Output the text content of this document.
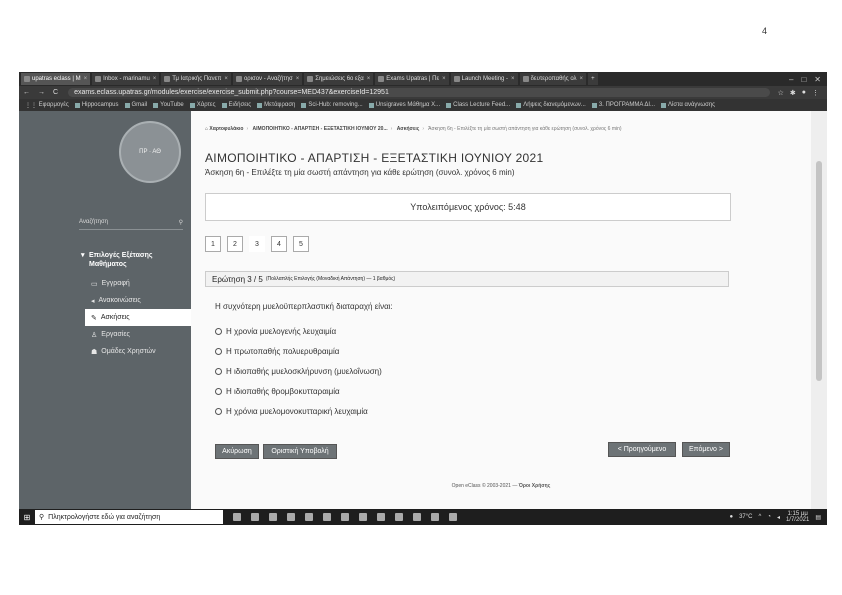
4
upatras eclass | M ×	Inbox - marinamu ×	Τμ Ιατρικής Πανεπ ×	ορισον - Αναζήτησ ×	Σημειώσεις 6ο εξα ×	Exams Upatras | Πε ×	Launch Meeting - ×	δευτεροπαθής ολ × +	– □ ✕
←	→	C	exams.eclass.upatras.gr/modules/exercise/exercise_submit.php?course=MED437&exerciseId=12951	☆ ✱ ● ⋮
⋮⋮
Εφαρμογές Hippocampus Gmail YouTube Χάρτες Ειδήσεις Μετάφραση Sci-Hub: removing... Unsigraves Μάθημα Χ... Class Lecture Feed... Λήψεις διανεμόμενων... 3. ΠΡΟΓΡΑΜΜΑ ΔΙ... Λίστα ανάγνωσης
ΠΡ · ΑΘ
Αναζήτηση	⚲
▾ Επιλογές Εξέτασης Μαθήματος
▭ Εγγραφή
◂ Ανακοινώσεις
✎ Ασκήσεις
♙ Εργασίες
☗ Ομάδες Χρηστών
⌂ Χαρτοφυλάκιο › ΑΙΜΟΠΟΙΗΤΙΚΟ - ΑΠΑΡΤΙΣΗ - ΕΞΕΤΑΣΤΙΚΗ ΙΟΥΝΙΟΥ 20... › Ασκήσεις › Άσκηση 6η - Επιλέξτε τη μία σωστή απάντηση για κάθε ερώτηση (συνολ. χρόνος 6 min)
ΑΙΜΟΠΟΙΗΤΙΚΟ - ΑΠΑΡΤΙΣΗ - ΕΞΕΤΑΣΤΙΚΗ ΙΟΥΝΙΟΥ 2021
Άσκηση 6η - Επιλέξτε τη μία σωστή απάντηση για κάθε ερώτηση (συνολ. χρόνος 6 min)
Υπολειπόμενος χρόνος: 5:48
1	2	3	4	5
Ερώτηση 3 / 5 (Πολλαπλής Επιλογής (Μοναδική Απάντηση) — 1 βαθμός)
Η συχνότερη μυελοϋπερπλαστική διαταραχή είναι:
Η χρονία μυελογενής λευχαιμία
Η πρωτοπαθής πολυερυθραιμία
Η ιδιοπαθής μυελοσκλήρυνση (μυελοΐνωση)
Η ιδιοπαθής θρομβοκυτταραιμία
Η χρόνια μυελομονοκυτταρική λευχαιμία
Ακύρωση	Οριστική Υποβολή	< Προηγούμενο	Επόμενο >
Open eClass © 2003-2021 — Όροι Χρήσης
⊞	⚲ Πληκτρολογήστε εδώ για αναζήτηση	● 37°C ^ ◔ ◂
1:15 μμ
1/7/2021 ▤
